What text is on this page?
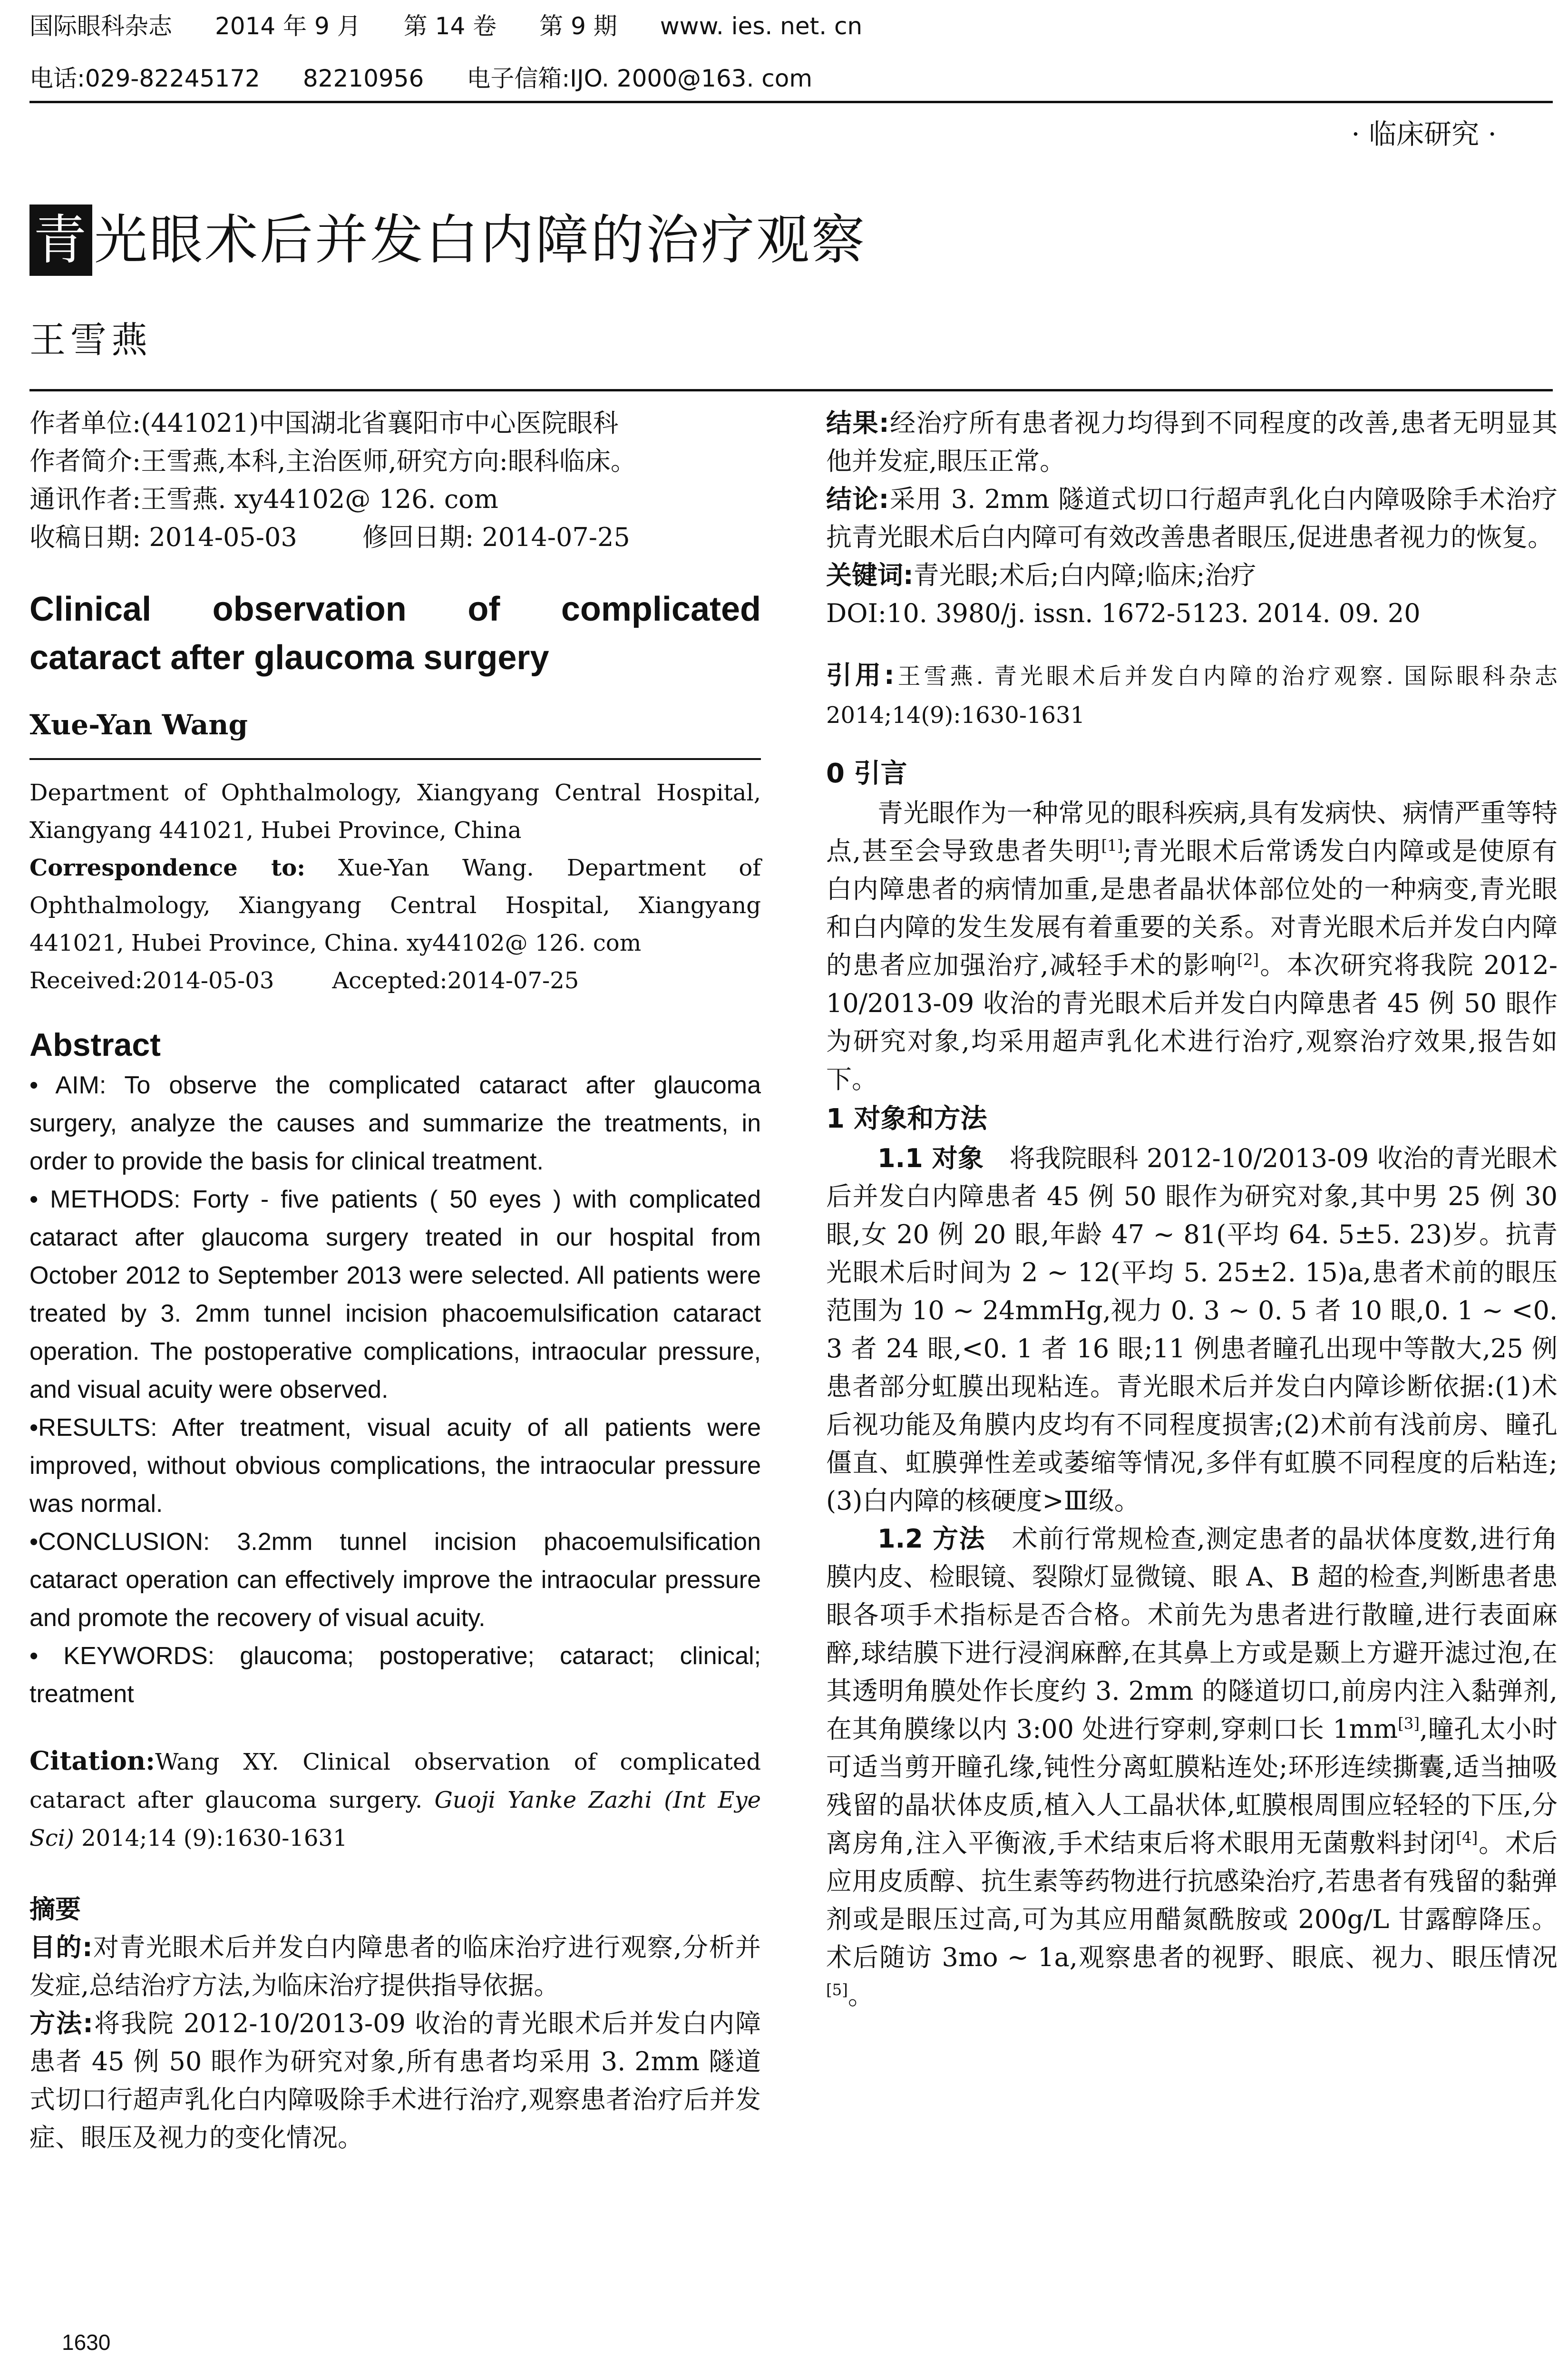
国际眼科杂志 2014 年 9 月 第 14 卷 第 9 期 www. ies. net. cn
电话:029-82245172 82210956 电子信箱:IJO. 2000@163. com
· 临床研究 ·
青 光眼术后并发白内障的治疗观察
王雪燕

作者单位:(441021)中国湖北省襄阳市中心医院眼科

作者简介:王雪燕,本科,主治医师,研究方向:眼科临床。

通讯作者:王雪燕. xy44102@ 126. com

收稿日期: 2014-05-03        修回日期: 2014-07-25

Clinical observation of complicated
cataract after glaucoma surgery
Xue-Yan Wang
Department of Ophthalmology, Xiangyang Central Hospital,
Xiangyang 441021, Hubei Province, China
Correspondence to: Xue-Yan Wang. Department of Ophthalmology, Xiangyang Central Hospital, Xiangyang 441021, Hubei Province, China. xy44102@ 126. com
Received:2014-05-03        Accepted:2014-07-25
Abstract

• AIM: To observe the complicated cataract after glaucoma surgery, analyze the causes and summarize the treatments, in order to provide the basis for clinical treatment.

• METHODS: Forty - five patients ( 50 eyes ) with complicated cataract after glaucoma surgery treated in our hospital from October 2012 to September 2013 were selected. All patients were treated by 3. 2mm tunnel incision phacoemulsification cataract operation. The postoperative complications, intraocular pressure, and visual acuity were observed.

•RESULTS: After treatment, visual acuity of all patients were improved, without obvious complications, the intraocular pressure was normal.

•CONCLUSION: 3.2mm tunnel incision phacoemulsification cataract operation can effectively improve the intraocular pressure and promote the recovery of visual acuity.

• KEYWORDS: glaucoma; postoperative; cataract; clinical; treatment

Citation:Wang XY. Clinical observation of complicated cataract after glaucoma surgery. Guoji Yanke Zazhi (Int Eye Sci) 2014;14 (9):1630-1631
摘要

目的:对青光眼术后并发白内障患者的临床治疗进行观察,分析并发症,总结治疗方法,为临床治疗提供指导依据。

方法:将我院 2012-10/2013-09 收治的青光眼术后并发白内障患者 45 例 50 眼作为研究对象,所有患者均采用 3. 2mm 隧道式切口行超声乳化白内障吸除手术进行治疗,观察患者治疗后并发症、眼压及视力的变化情况。

结果:经治疗所有患者视力均得到不同程度的改善,患者无明显其他并发症,眼压正常。

结论:采用 3. 2mm 隧道式切口行超声乳化白内障吸除手术治疗抗青光眼术后白内障可有效改善患者眼压,促进患者视力的恢复。

关键词:青光眼;术后;白内障;临床;治疗

DOI:10. 3980/j. issn. 1672-5123. 2014. 09. 20

引用:王雪燕. 青光眼术后并发白内障的治疗观察. 国际眼科杂志 2014;14(9):1630-1631

0 引言

青光眼作为一种常见的眼科疾病,具有发病快、病情严重等特点,甚至会导致患者失明[1];青光眼术后常诱发白内障或是使原有白内障患者的病情加重,是患者晶状体部位处的一种病变,青光眼和白内障的发生发展有着重要的关系。对青光眼术后并发白内障的患者应加强治疗,减轻手术的影响[2]。本次研究将我院 2012-10/2013-09 收治的青光眼术后并发白内障患者 45 例 50 眼作为研究对象,均采用超声乳化术进行治疗,观察治疗效果,报告如下。

1 对象和方法

1.1 对象　 将我院眼科 2012-10/2013-09 收治的青光眼术后并发白内障患者 45 例 50 眼作为研究对象,其中男 25 例 30 眼,女 20 例 20 眼,年龄 47 ~ 81(平均 64. 5±5. 23)岁。抗青光眼术后时间为 2 ~ 12(平均 5. 25±2. 15)a,患者术前的眼压范围为 10 ~ 24mmHg,视力 0. 3 ~ 0. 5 者 10 眼,0. 1 ~ <0. 3 者 24 眼,<0. 1 者 16 眼;11 例患者瞳孔出现中等散大,25 例患者部分虹膜出现粘连。青光眼术后并发白内障诊断依据:(1)术后视功能及角膜内皮均有不同程度损害;(2)术前有浅前房、瞳孔僵直、虹膜弹性差或萎缩等情况,多伴有虹膜不同程度的后粘连;(3)白内障的核硬度>Ⅲ级。

1.2 方法　 术前行常规检查,测定患者的晶状体度数,进行角膜内皮、检眼镜、裂隙灯显微镜、眼 A、B 超的检查,判断患者患眼各项手术指标是否合格。术前先为患者进行散瞳,进行表面麻醉,球结膜下进行浸润麻醉,在其鼻上方或是颞上方避开滤过泡,在其透明角膜处作长度约 3. 2mm 的隧道切口,前房内注入黏弹剂,在其角膜缘以内 3:00 处进行穿刺,穿刺口长 1mm[3],瞳孔太小时可适当剪开瞳孔缘,钝性分离虹膜粘连处;环形连续撕囊,适当抽吸残留的晶状体皮质,植入人工晶状体,虹膜根周围应轻轻的下压,分离房角,注入平衡液,手术结束后将术眼用无菌敷料封闭[4]。术后应用皮质醇、抗生素等药物进行抗感染治疗,若患者有残留的黏弹剂或是眼压过高,可为其应用醋氮酰胺或 200g/L 甘露醇降压。术后随访 3mo ~ 1a,观察患者的视野、眼底、视力、眼压情况[5]。

1630
